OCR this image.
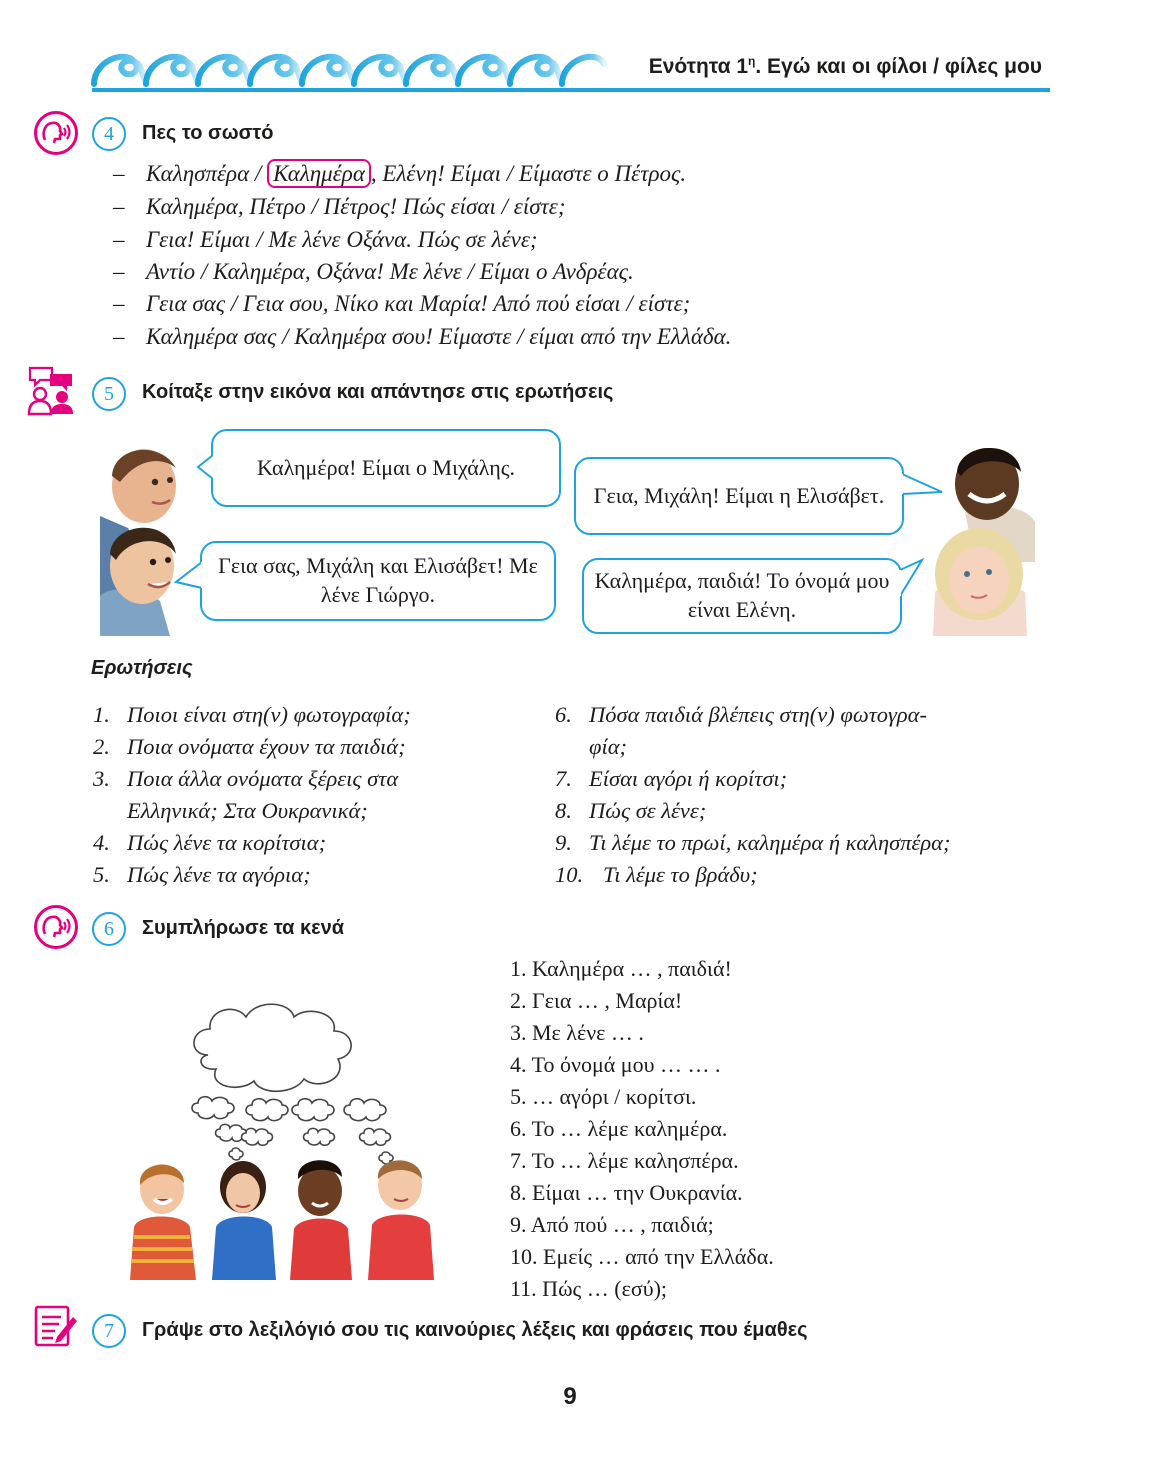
Ενότητα $1^\eta$. Εγώ και οι φίλοι / φίλες μου
4	Πες το σωστό
– Καλησπέρα / Καλημέρα , Ελένη! Είμαι / Είμαστε ο Πέτρος.
– Καλημέρα, Πέτρο / Πέτρος! Πώς είσαι / είστε;
– Γεια! Είμαι / Με λένε Οξάνα. Πώς σε λένε;
– Αντίο / Καλημέρα, Οξάνα! Με λένε / Είμαι ο Ανδρέας.
– Γεια σας / Γεια σου, Νίκο και Μαρία! Από πού είσαι / είστε;
– Καλημέρα σας / Καλημέρα σου! Είμαστε / είμαι από την Ελλάδα.
5	Κοίταξε στην εικόνα και απάντησε στις ερωτήσεις
Καλημέρα! Είμαι ο Μιχάλης.
Γεια σας, Μιχάλη και Ελισάβετ! Με λένε Γιώργο.
Γεια, Μιχάλη! Είμαι η Ελισάβετ.
Καλημέρα, παιδιά! Το όνομά μου είναι Ελένη.
Ερωτήσεις
1. Ποιοι είναι στη(ν) φωτογραφία;
2. Ποια ονόματα έχουν τα παιδιά;
3. Ποια άλλα ονόματα ξέρεις στα
Ελληνικά; Στα Ουκρανικά;
4. Πώς λένε τα κορίτσια;
5. Πώς λένε τα αγόρια;
6. Πόσα παιδιά βλέπεις στη(ν) φωτογρα-
φία;
7. Είσαι αγόρι ή κορίτσι;
8. Πώς σε λένε;
9. Τι λέμε το πρωί, καλημέρα ή καλησπέρα;
10. Τι λέμε το βράδυ;
6	Συμπλήρωσε τα κενά
1. Καλημέρα … , παιδιά!
2. Γεια … , Μαρία!
3. Με λένε … .
4. Το όνομά μου … … .
5. … αγόρι / κορίτσι.
6. Το … λέμε καλημέρα.
7. Το … λέμε καλησπέρα.
8. Είμαι … την Ουκρανία.
9. Από πού … , παιδιά;
10. Εμείς … από την Ελλάδα.
11. Πώς … (εσύ);
7	Γράψε στο λεξιλόγιό σου τις καινούριες λέξεις και φράσεις που έμαθες
9
